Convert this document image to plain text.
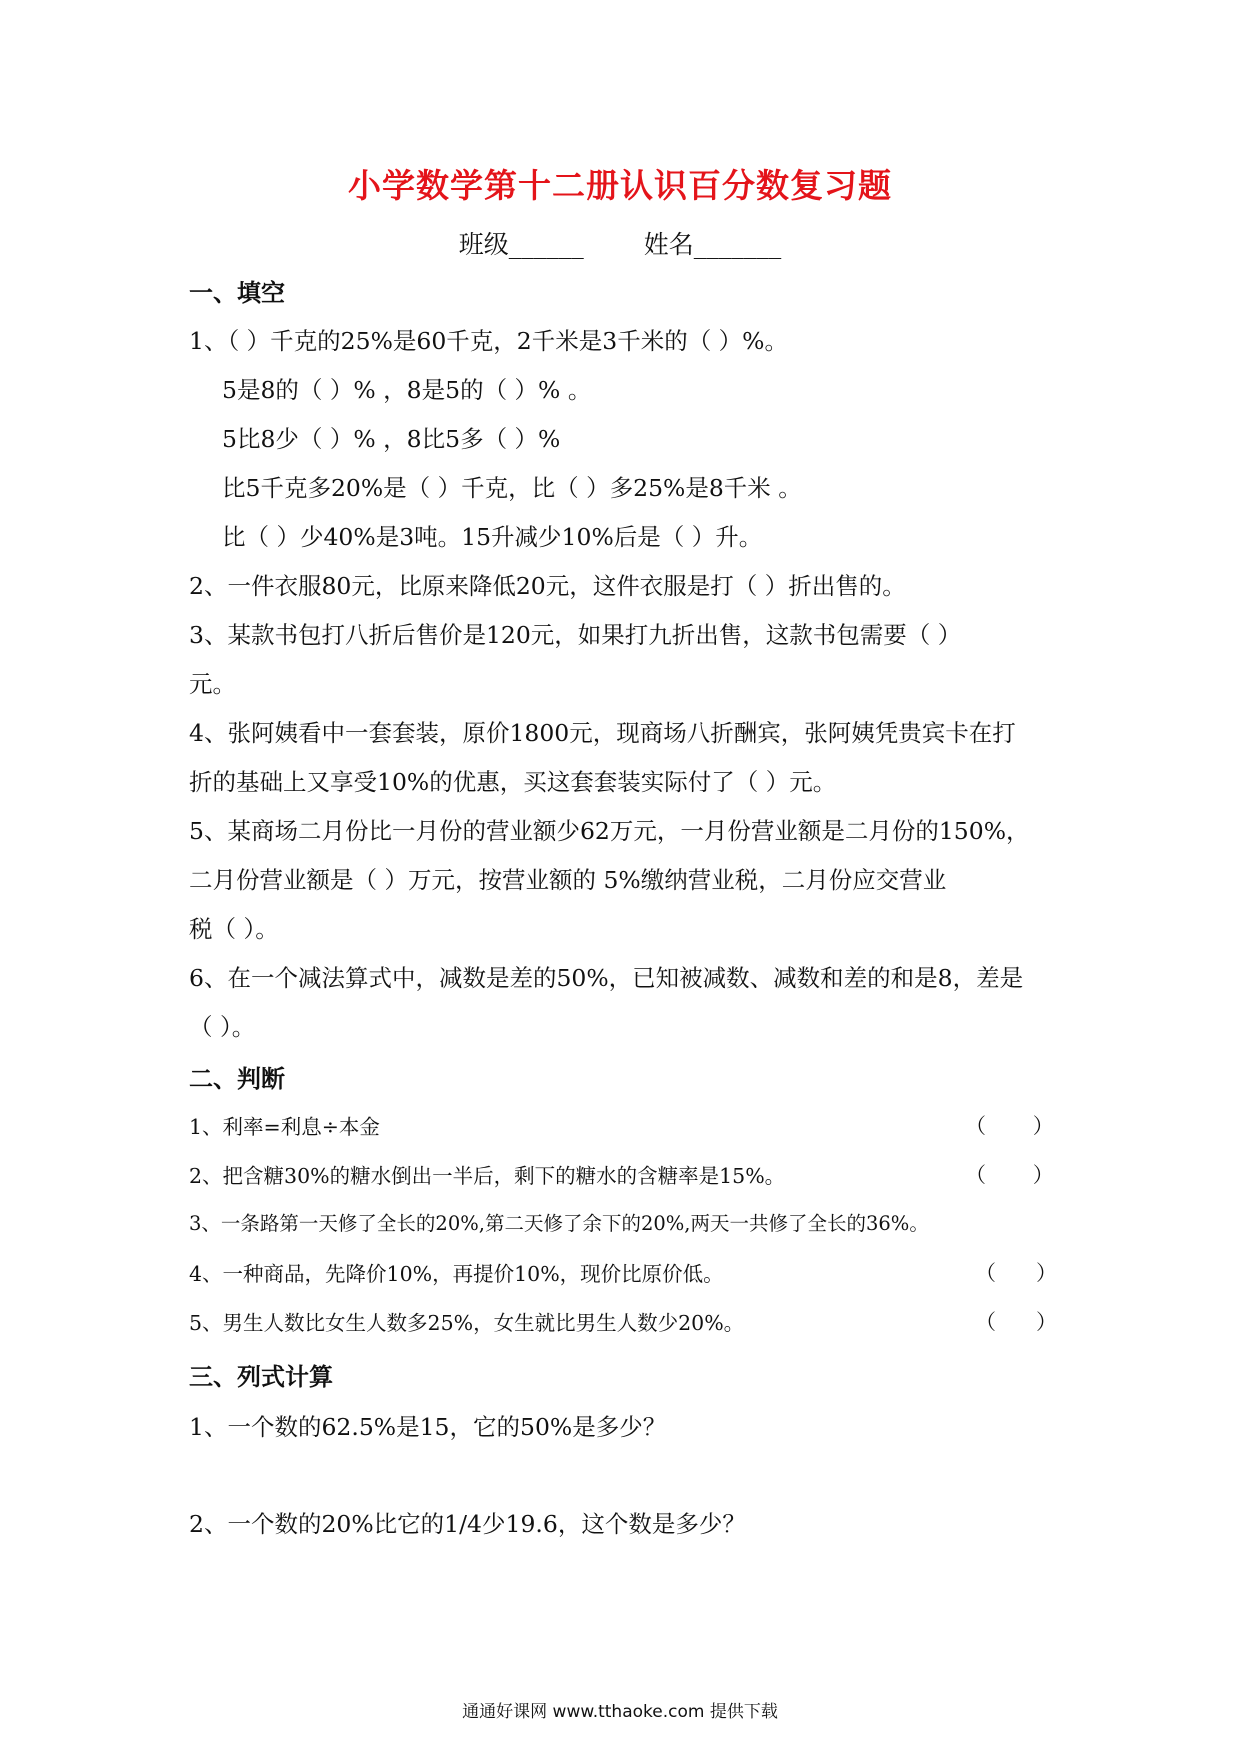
小学数学第十二册认识百分数复习题
班级______ 姓名_______
一、填空
1、（ ）千克的25%是60千克，2千米是3千米的（ ）%。
5是8的（ ）% ，8是5的（ ）% 。
5比8少（ ）% ，8比5多（ ）%
比5千克多20%是（ ）千克，比（ ）多25%是8千米 。
比（ ）少40%是3吨。15升减少10%后是（ ）升。
2、一件衣服80元，比原来降低20元，这件衣服是打（ ）折出售的。
3、某款书包打八折后售价是120元，如果打九折出售，这款书包需要（ ）
元。
4、张阿姨看中一套套装，原价1800元，现商场八折酬宾，张阿姨凭贵宾卡在打
折的基础上又享受10%的优惠，买这套套装实际付了（ ）元。
5、某商场二月份比一月份的营业额少62万元，一月份营业额是二月份的150%，
二月份营业额是（ ）万元，按营业额的 5%缴纳营业税，二月份应交营业
税（ ）。
6、在一个减法算式中，减数是差的50%，已知被减数、减数和差的和是8，差是
（ ）。
二、判断
1、利率=利息÷本金	（       ）
2、把含糖30%的糖水倒出一半后，剩下的糖水的含糖率是15%。	（       ）
3、一条路第一天修了全长的20%,第二天修了余下的20%,两天一共修了全长的36%。
4、一种商品，先降价10%，再提价10%，现价比原价低。	（      ）
5、男生人数比女生人数多25%，女生就比男生人数少20%。	（      ）
三、列式计算
1、一个数的62.5%是15，它的50%是多少？
2、一个数的20%比它的1/4少19.6，这个数是多少？
通通好课网 www.tthaoke.com 提供下载
